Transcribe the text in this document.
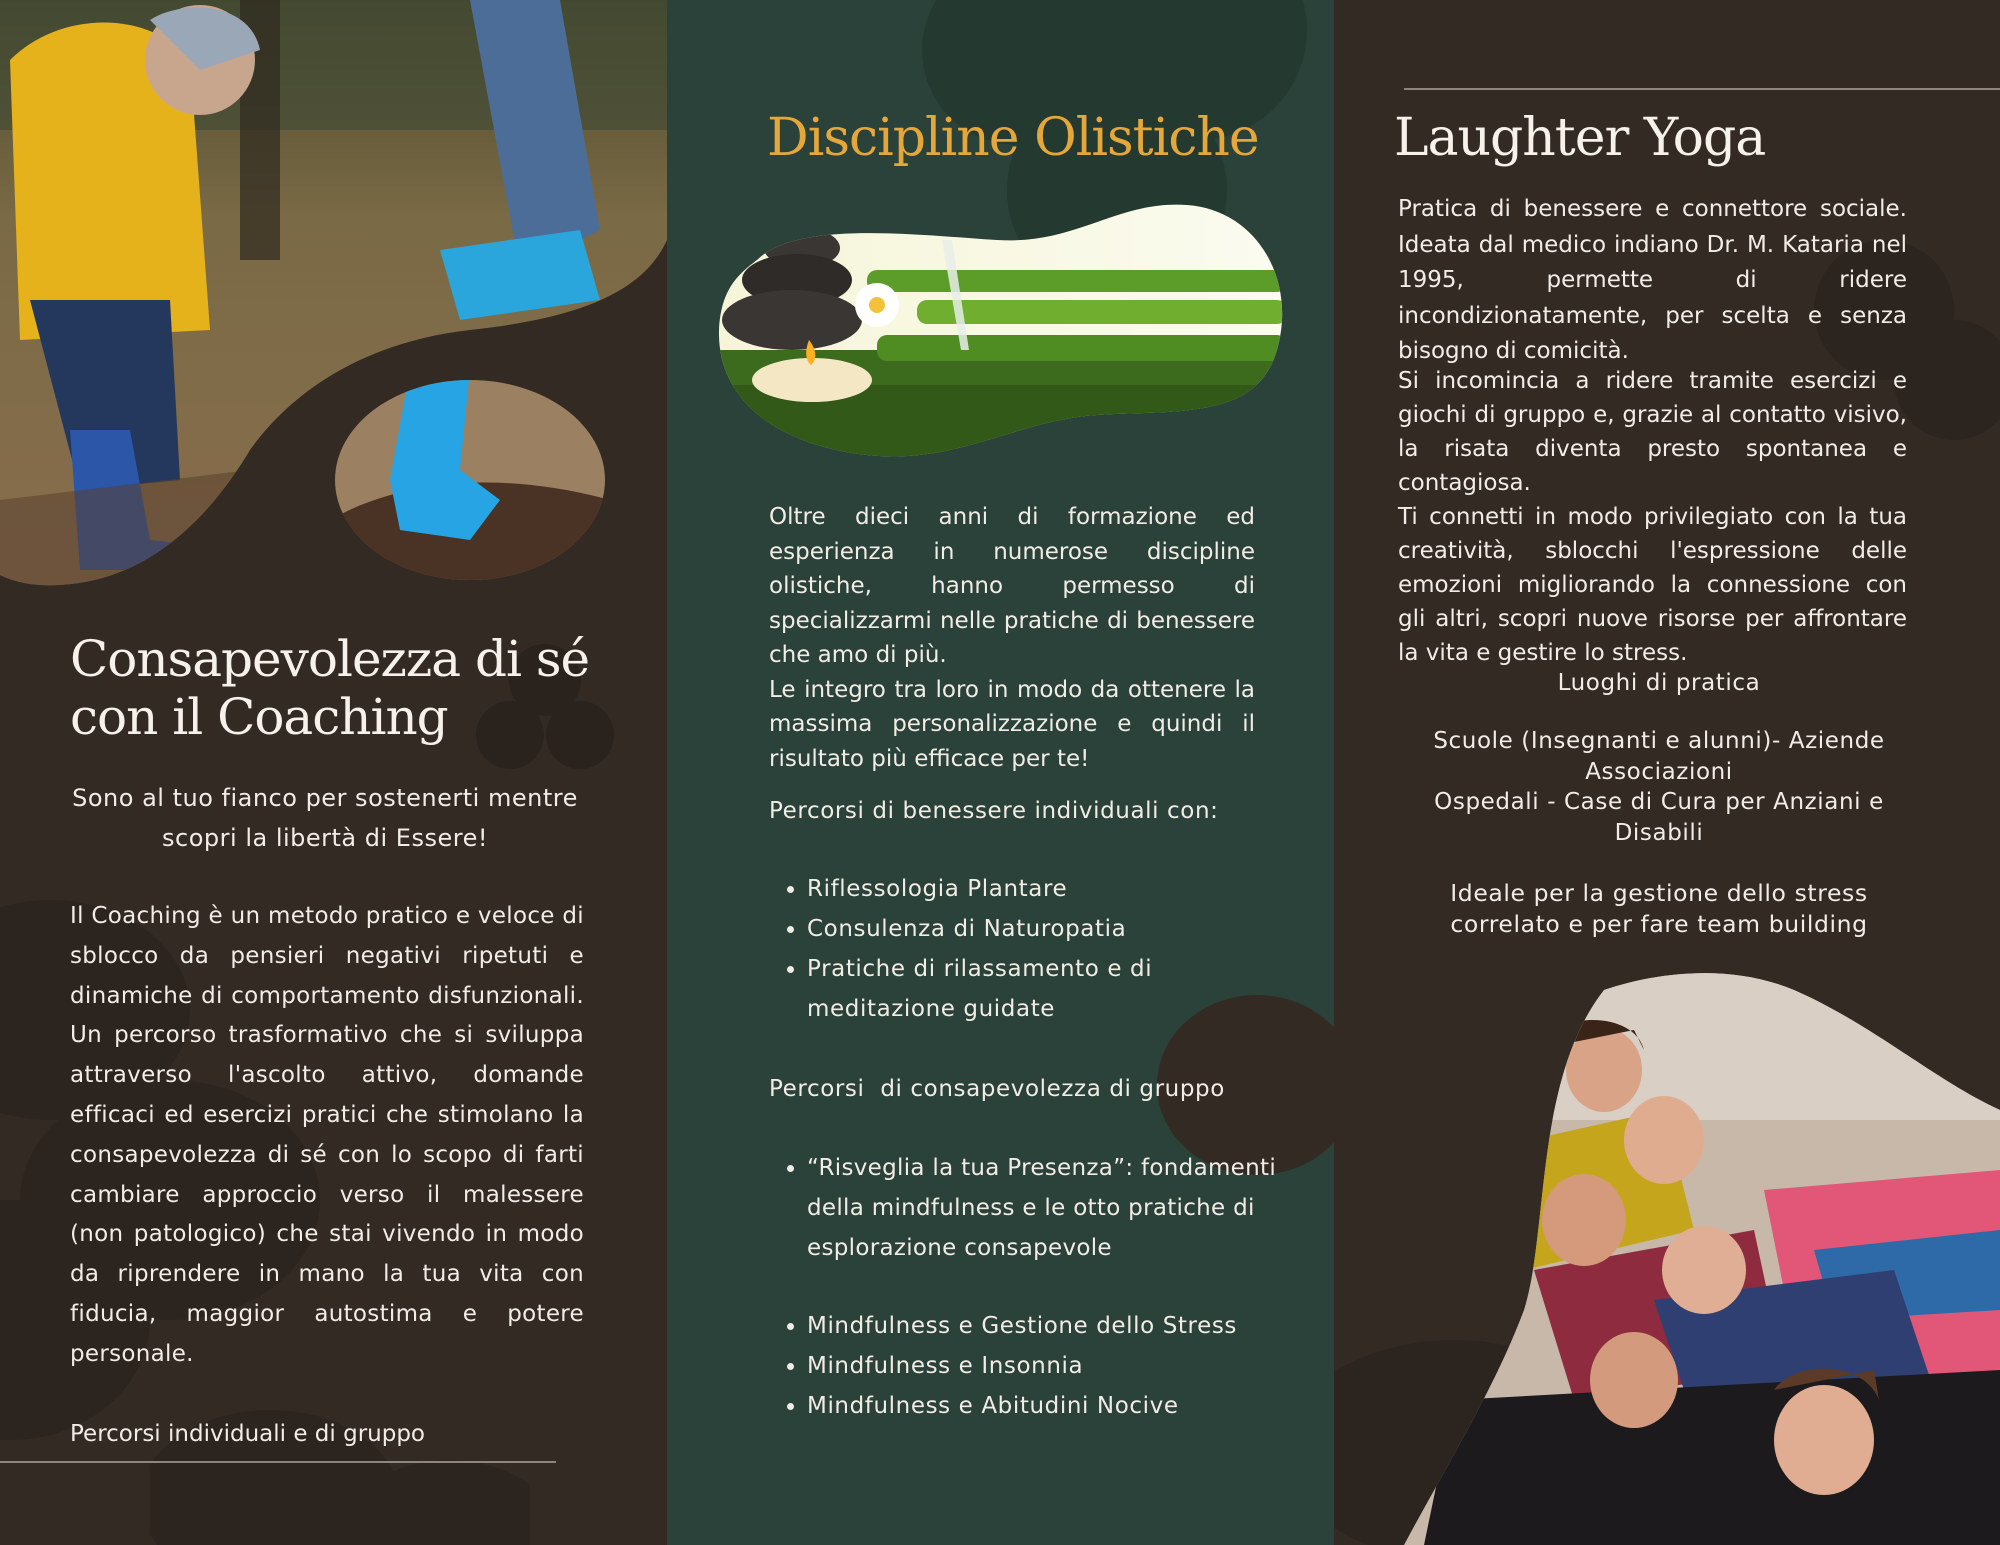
Consapevolezza di sé
con il Coaching
Sono al tuo fianco per sostenerti mentre
scopri la libertà di Essere!
Il Coaching è un metodo pratico e veloce di sblocco da pensieri negativi ripetuti e dinamiche di comportamento disfunzionali. Un percorso trasformativo che si sviluppa attraverso l'ascolto attivo, domande efficaci ed esercizi pratici che stimolano la consapevolezza di sé con lo scopo di farti cambiare approccio verso il malessere (non patologico) che stai vivendo in modo da riprendere in mano la tua vita con fiducia, maggior autostima e potere personale.
Percorsi individuali e di gruppo
Discipline Olistiche
Oltre dieci anni di formazione ed esperienza in numerose discipline olistiche, hanno permesso di specializzarmi nelle pratiche di benessere che amo di più.
Le integro tra loro in modo da ottenere la massima personalizzazione e quindi il risultato più efficace per te!
Percorsi di benessere individuali con:
• Riflessologia Plantare
• Consulenza di Naturopatia
• Pratiche di rilassamento e di meditazione guidate
Percorsi  di consapevolezza di gruppo
• “Risveglia la tua Presenza”: fondamenti della mindfulness e le otto pratiche di esplorazione consapevole
• Mindfulness e Gestione dello Stress
• Mindfulness e Insonnia
• Mindfulness e Abitudini Nocive
Laughter Yoga
Pratica di benessere e connettore sociale. Ideata dal medico indiano Dr. M. Kataria nel 1995, permette di ridere incondizionatamente, per scelta e senza bisogno di comicità.
Si incomincia a ridere tramite esercizi e giochi di gruppo e, grazie al contatto visivo, la risata diventa presto spontanea e contagiosa.
Ti connetti in modo privilegiato con la tua creatività, sblocchi l'espressione delle emozioni migliorando la connessione con gli altri, scopri nuove risorse per affrontare la vita e gestire lo stress.
Luoghi di pratica
Scuole (Insegnanti e alunni)- Aziende
Associazioni
Ospedali - Case di Cura per Anziani e
Disabili
Ideale per la gestione dello stress
correlato e per fare team building
